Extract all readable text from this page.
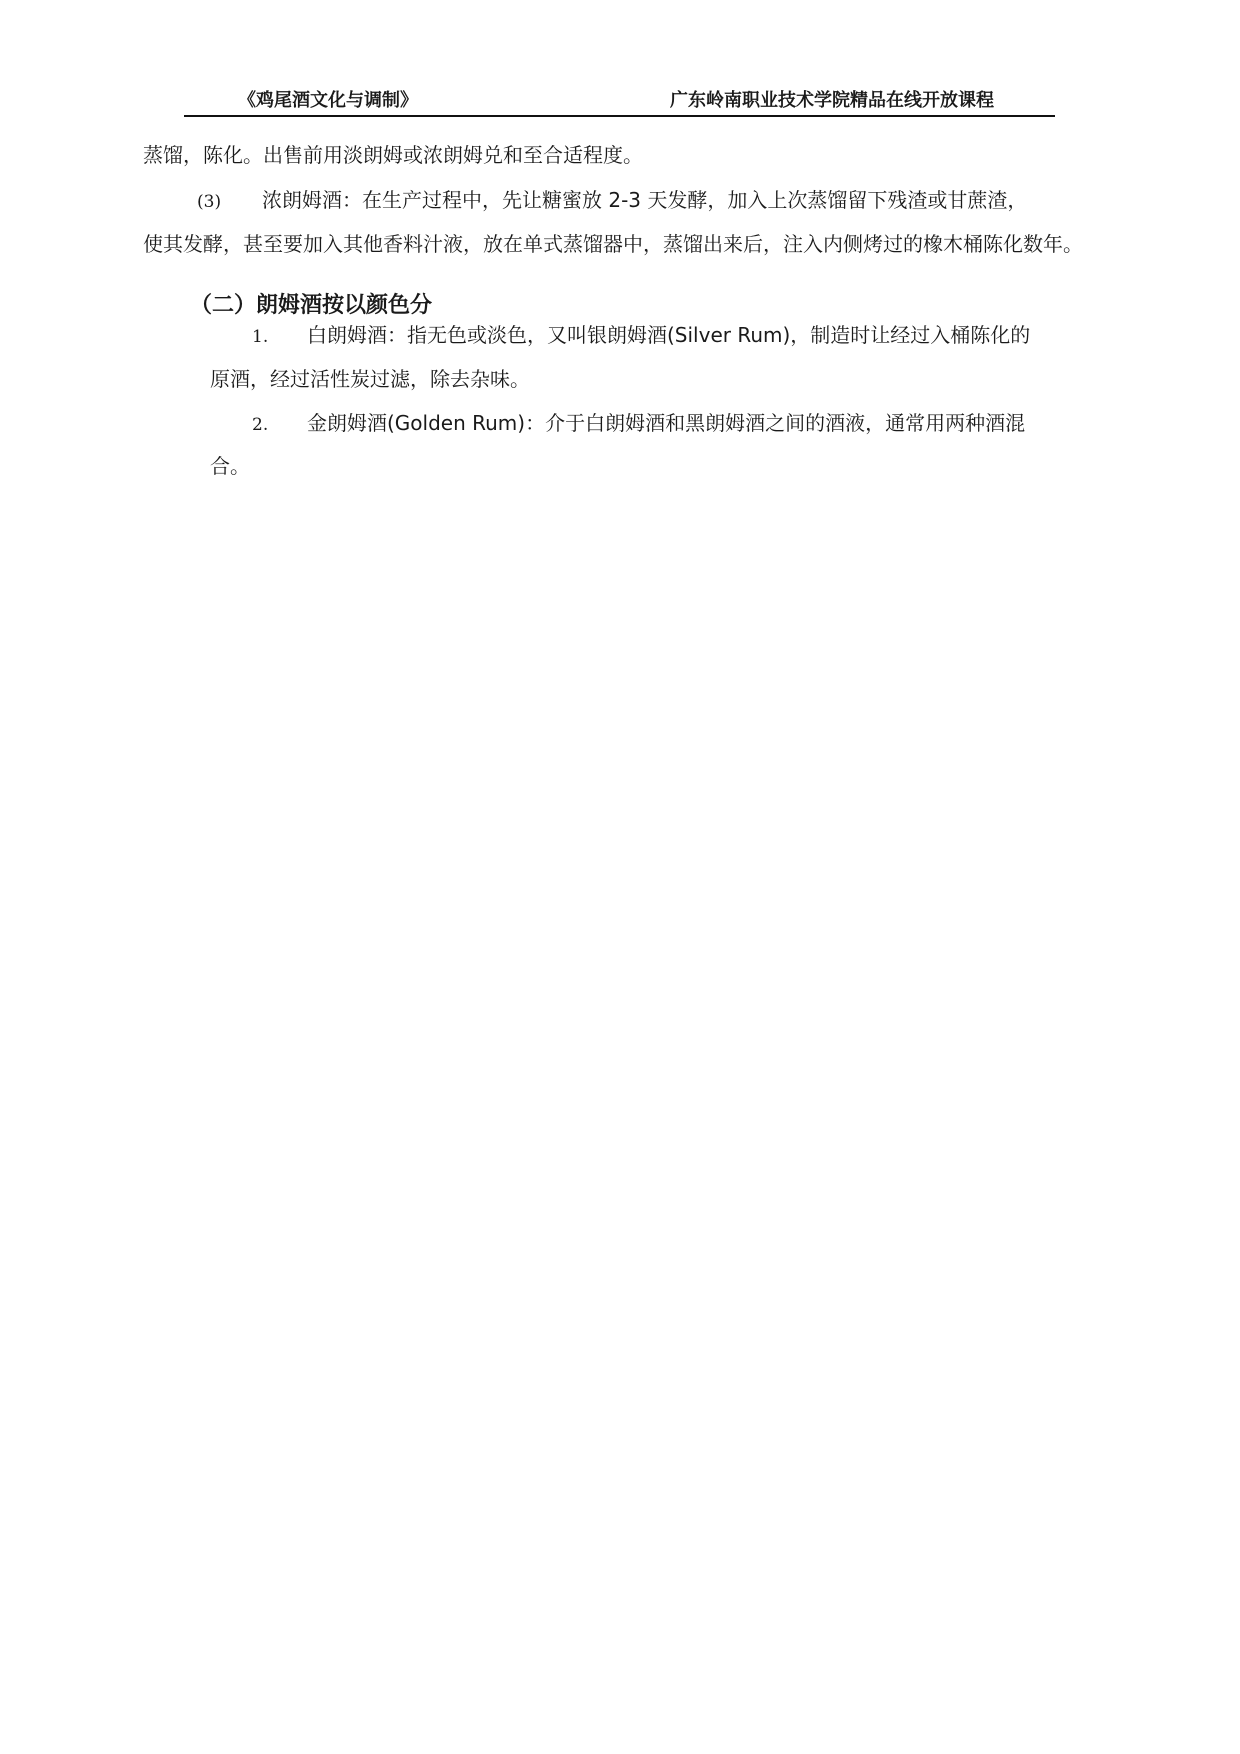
《鸡尾酒文化与调制》	广东岭南职业技术学院精品在线开放课程
蒸馏，陈化。出售前用淡朗姆或浓朗姆兑和至合适程度。
(3) 浓朗姆酒：在生产过程中，先让糖蜜放 2-3 天发酵，加入上次蒸馏留下残渣或甘蔗渣，
使其发酵，甚至要加入其他香料汁液，放在单式蒸馏器中，蒸馏出来后，注入内侧烤过的橡木桶陈化数年。
（二）朗姆酒按以颜色分
1. 白朗姆酒：指无色或淡色，又叫银朗姆酒(Silver Rum)，制造时让经过入桶陈化的
原酒，经过活性炭过滤，除去杂味。
2. 金朗姆酒(Golden Rum)：介于白朗姆酒和黑朗姆酒之间的酒液，通常用两种酒混
合。
